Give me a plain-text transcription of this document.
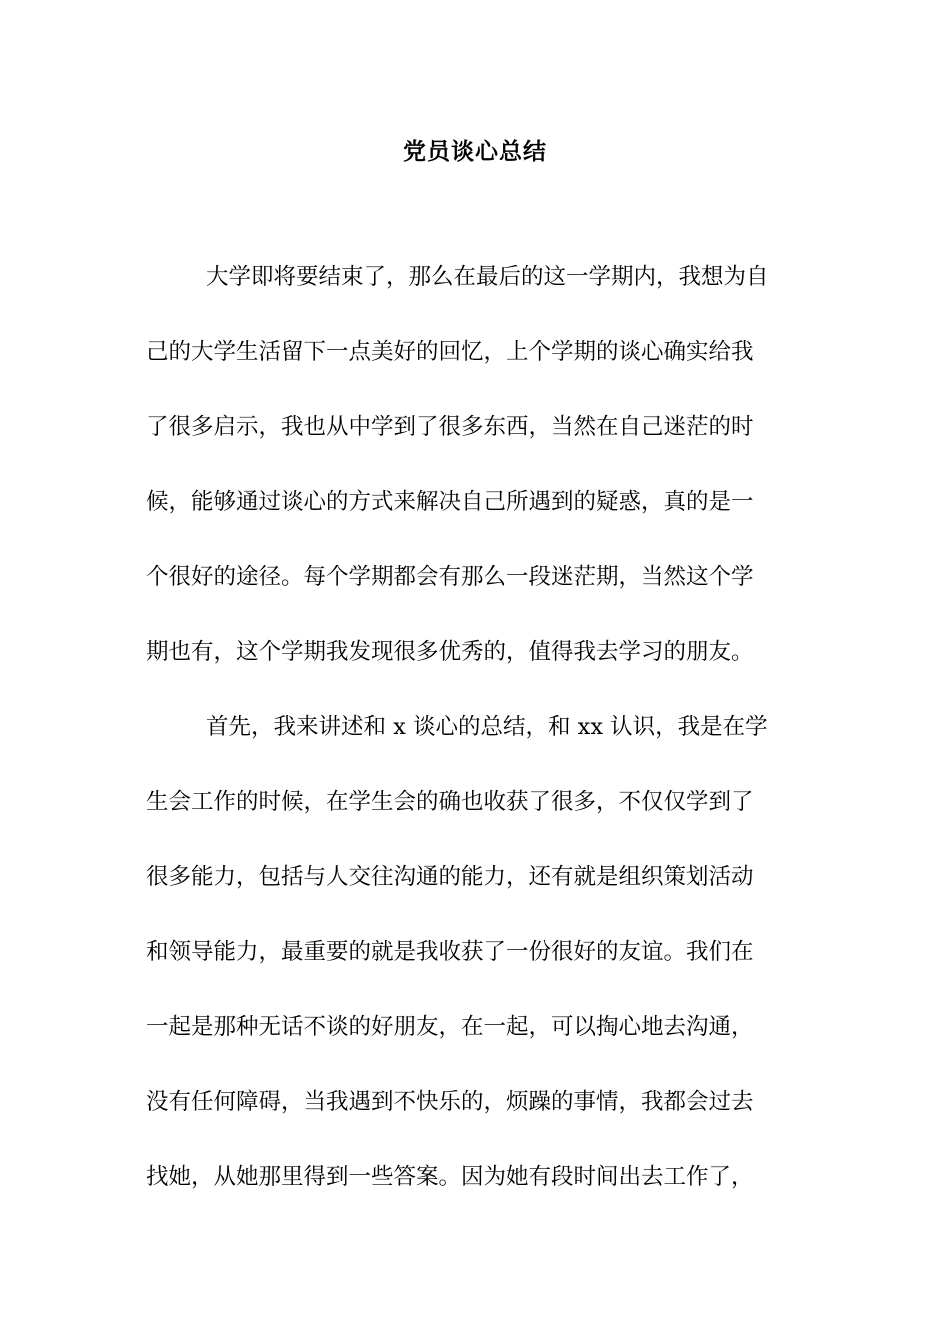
党员谈心总结
大学即将要结束了，那么在最后的这一学期内，我想为自
己的大学生活留下一点美好的回忆，上个学期的谈心确实给我
了很多启示，我也从中学到了很多东西，当然在自己迷茫的时
候，能够通过谈心的方式来解决自己所遇到的疑惑，真的是一
个很好的途径。每个学期都会有那么一段迷茫期，当然这个学
期也有，这个学期我发现很多优秀的，值得我去学习的朋友。
首先，我来讲述和 x 谈心的总结，和 xx 认识，我是在学
生会工作的时候，在学生会的确也收获了很多，不仅仅学到了
很多能力，包括与人交往沟通的能力，还有就是组织策划活动
和领导能力，最重要的就是我收获了一份很好的友谊。我们在
一起是那种无话不谈的好朋友，在一起，可以掏心地去沟通，
没有任何障碍，当我遇到不快乐的，烦躁的事情，我都会过去
找她，从她那里得到一些答案。因为她有段时间出去工作了，
